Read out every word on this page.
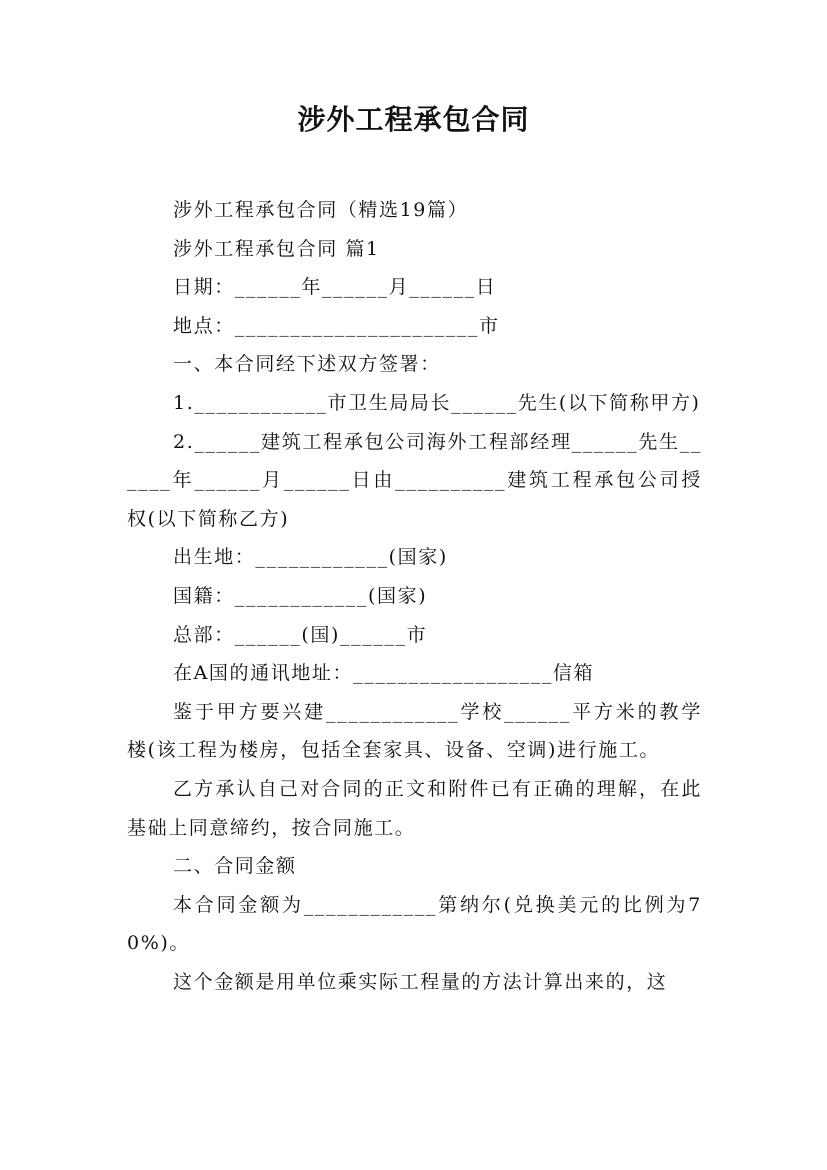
涉外工程承包合同

涉外工程承包合同（精选19篇）

涉外工程承包合同 篇1

日期：______年______月______日

地点：______________________市

一、本合同经下述双方签署：

1.____________市卫生局局长______先生(以下简称甲方)

2.______建筑工程承包公司海外工程部经理______先生______年______月______日由__________建筑工程承包公司授权(以下简称乙方)

出生地：____________(国家)

国籍：____________(国家)

总部：______(国)______市

在A国的通讯地址：__________________信箱

鉴于甲方要兴建____________学校______平方米的教学楼(该工程为楼房，包括全套家具、设备、空调)进行施工。

乙方承认自己对合同的正文和附件已有正确的理解，在此基础上同意缔约，按合同施工。

二、合同金额

本合同金额为____________第纳尔(兑换美元的比例为70%)。

这个金额是用单位乘实际工程量的方法计算出来的，这
